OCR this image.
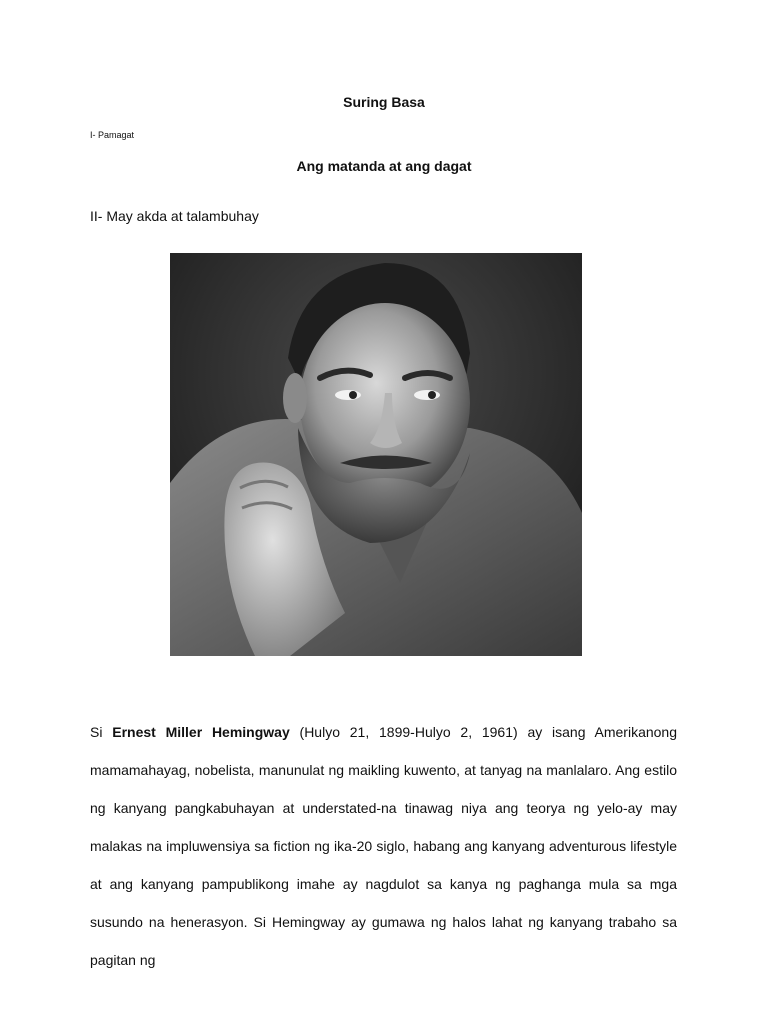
Suring Basa
I- Pamagat
Ang matanda at ang dagat
II- May akda at talambuhay

Si Ernest Miller Hemingway (Hulyo 21, 1899-Hulyo 2, 1961) ay isang Amerikanong mamamahayag, nobelista, manunulat ng maikling kuwento, at tanyag na manlalaro. Ang estilo ng kanyang pangkabuhayan at understated-na tinawag niya ang teorya ng yelo-ay may malakas na impluwensiya sa fiction ng ika-20 siglo, habang ang kanyang adventurous lifestyle at ang kanyang pampublikong imahe ay nagdulot sa kanya ng paghanga mula sa mga susundo na henerasyon. Si Hemingway ay gumawa ng halos lahat ng kanyang trabaho sa pagitan ng
